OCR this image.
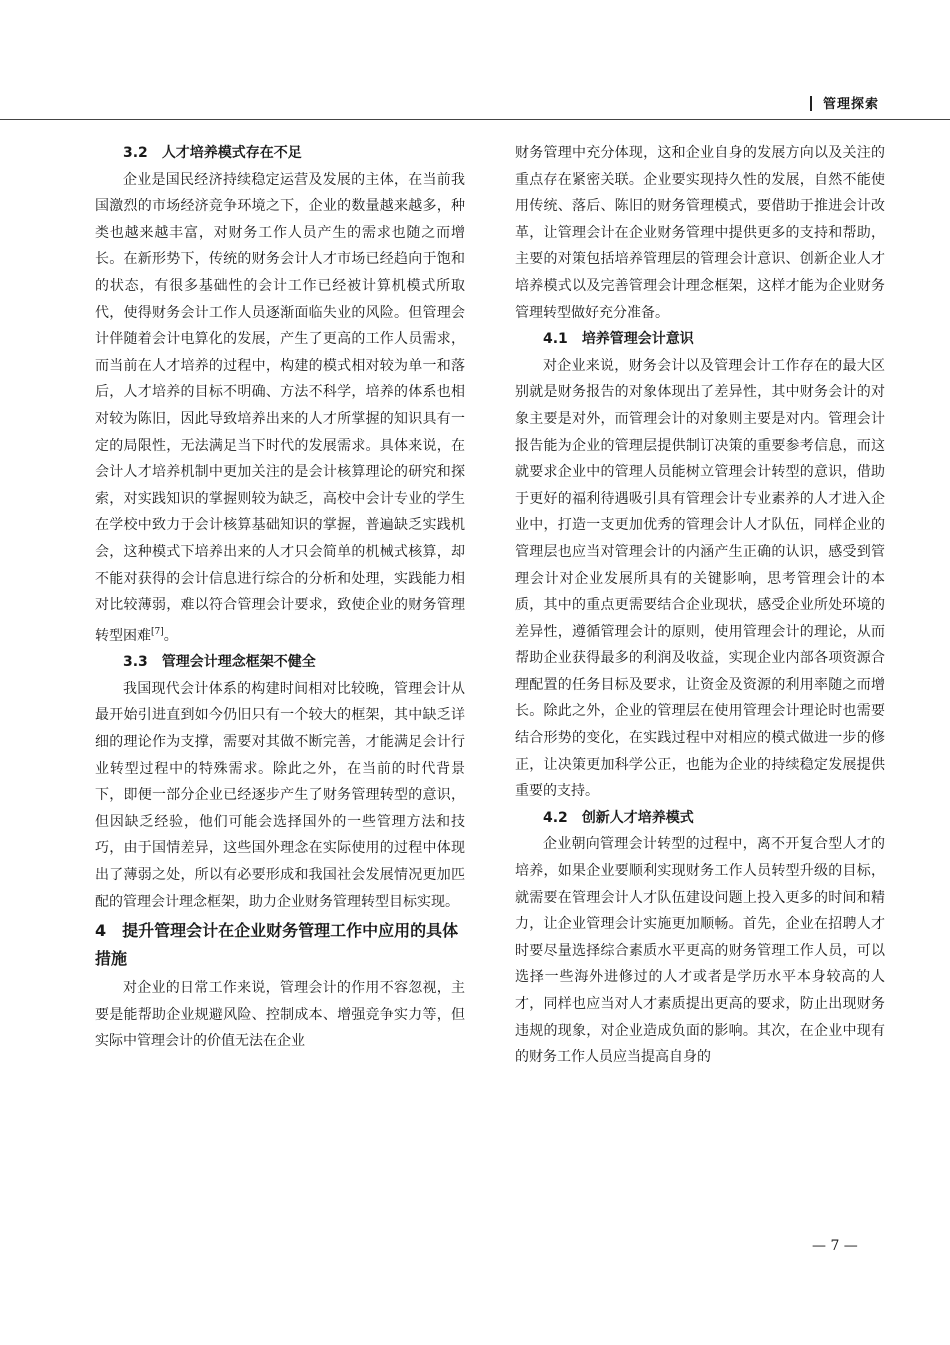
管理探索
3.2 人才培养模式存在不足

企业是国民经济持续稳定运营及发展的主体，在当前我国激烈的市场经济竞争环境之下，企业的数量越来越多，种类也越来越丰富，对财务工作人员产生的需求也随之而增长。在新形势下，传统的财务会计人才市场已经趋向于饱和的状态，有很多基础性的会计工作已经被计算机模式所取代，使得财务会计工作人员逐渐面临失业的风险。但管理会计伴随着会计电算化的发展，产生了更高的工作人员需求，而当前在人才培养的过程中，构建的模式相对较为单一和落后，人才培养的目标不明确、方法不科学，培养的体系也相对较为陈旧，因此导致培养出来的人才所掌握的知识具有一定的局限性，无法满足当下时代的发展需求。具体来说，在会计人才培养机制中更加关注的是会计核算理论的研究和探索，对实践知识的掌握则较为缺乏，高校中会计专业的学生在学校中致力于会计核算基础知识的掌握，普遍缺乏实践机会，这种模式下培养出来的人才只会简单的机械式核算，却不能对获得的会计信息进行综合的分析和处理，实践能力相对比较薄弱，难以符合管理会计要求，致使企业的财务管理转型困难[7]。

3.3 管理会计理念框架不健全

我国现代会计体系的构建时间相对比较晚，管理会计从最开始引进直到如今仍旧只有一个较大的框架，其中缺乏详细的理论作为支撑，需要对其做不断完善，才能满足会计行业转型过程中的特殊需求。除此之外，在当前的时代背景下，即便一部分企业已经逐步产生了财务管理转型的意识，但因缺乏经验，他们可能会选择国外的一些管理方法和技巧，由于国情差异，这些国外理念在实际使用的过程中体现出了薄弱之处，所以有必要形成和我国社会发展情况更加匹配的管理会计理念框架，助力企业财务管理转型目标实现。

4 提升管理会计在企业财务管理工作中应用的具体措施

对企业的日常工作来说，管理会计的作用不容忽视，主要是能帮助企业规避风险、控制成本、增强竞争实力等，但实际中管理会计的价值无法在企业

财务管理中充分体现，这和企业自身的发展方向以及关注的重点存在紧密关联。企业要实现持久性的发展，自然不能使用传统、落后、陈旧的财务管理模式，要借助于推进会计改革，让管理会计在企业财务管理中提供更多的支持和帮助，主要的对策包括培养管理层的管理会计意识、创新企业人才培养模式以及完善管理会计理念框架，这样才能为企业财务管理转型做好充分准备。

4.1 培养管理会计意识

对企业来说，财务会计以及管理会计工作存在的最大区别就是财务报告的对象体现出了差异性，其中财务会计的对象主要是对外，而管理会计的对象则主要是对内。管理会计报告能为企业的管理层提供制订决策的重要参考信息，而这就要求企业中的管理人员能树立管理会计转型的意识，借助于更好的福利待遇吸引具有管理会计专业素养的人才进入企业中，打造一支更加优秀的管理会计人才队伍，同样企业的管理层也应当对管理会计的内涵产生正确的认识，感受到管理会计对企业发展所具有的关键影响，思考管理会计的本质，其中的重点更需要结合企业现状，感受企业所处环境的差异性，遵循管理会计的原则，使用管理会计的理论，从而帮助企业获得最多的利润及收益，实现企业内部各项资源合理配置的任务目标及要求，让资金及资源的利用率随之而增长。除此之外，企业的管理层在使用管理会计理论时也需要结合形势的变化，在实践过程中对相应的模式做进一步的修正，让决策更加科学公正，也能为企业的持续稳定发展提供重要的支持。

4.2 创新人才培养模式

企业朝向管理会计转型的过程中，离不开复合型人才的培养，如果企业要顺利实现财务工作人员转型升级的目标，就需要在管理会计人才队伍建设问题上投入更多的时间和精力，让企业管理会计实施更加顺畅。首先，企业在招聘人才时要尽量选择综合素质水平更高的财务管理工作人员，可以选择一些海外进修过的人才或者是学历水平本身较高的人才，同样也应当对人才素质提出更高的要求，防止出现财务违规的现象，对企业造成负面的影响。其次，在企业中现有的财务工作人员应当提高自身的

— 7 —
